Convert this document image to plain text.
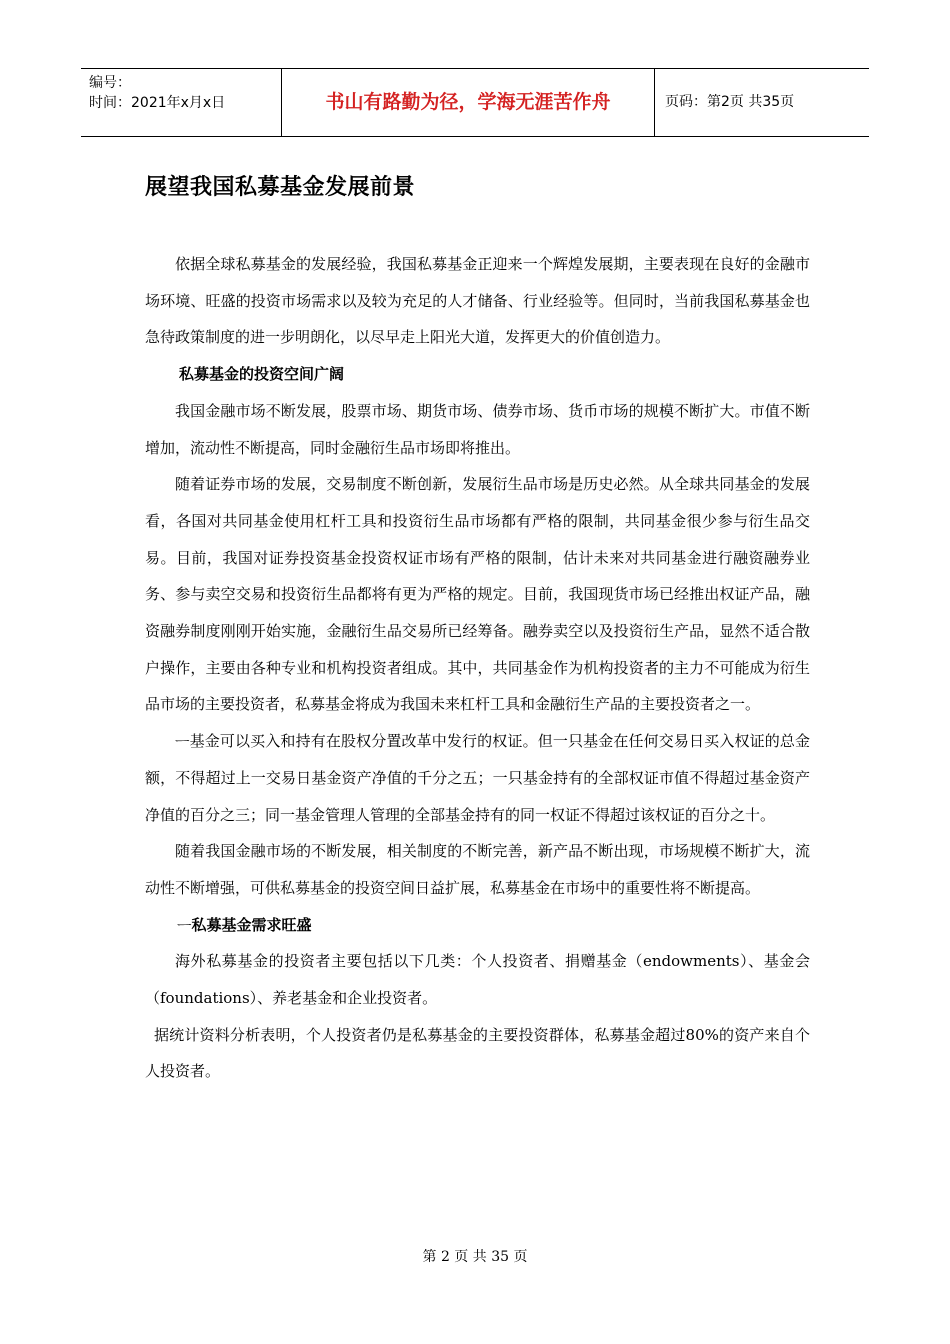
编号：
时间：2021年x月x日	书山有路勤为径，学海无涯苦作舟	页码：第2页 共35页
展望我国私募基金发展前景

依据全球私募基金的发展经验，我国私募基金正迎来一个辉煌发展期，主要表现在良好的金融市场环境、旺盛的投资市场需求以及较为充足的人才储备、行业经验等。但同时，当前我国私募基金也急待政策制度的进一步明朗化，以尽早走上阳光大道，发挥更大的价值创造力。

私募基金的投资空间广阔

我国金融市场不断发展，股票市场、期货市场、债券市场、货币市场的规模不断扩大。市值不断增加，流动性不断提高，同时金融衍生品市场即将推出。

随着证券市场的发展，交易制度不断创新，发展衍生品市场是历史必然。从全球共同基金的发展看，各国对共同基金使用杠杆工具和投资衍生品市场都有严格的限制，共同基金很少参与衍生品交易。目前，我国对证券投资基金投资权证市场有严格的限制，估计未来对共同基金进行融资融券业务、参与卖空交易和投资衍生品都将有更为严格的规定。目前，我国现货市场已经推出权证产品，融资融券制度刚刚开始实施，金融衍生品交易所已经筹备。融券卖空以及投资衍生产品，显然不适合散户操作，主要由各种专业和机构投资者组成。其中，共同基金作为机构投资者的主力不可能成为衍生品市场的主要投资者，私募基金将成为我国未来杠杆工具和金融衍生产品的主要投资者之一。

ᅳ基金可以买入和持有在股权分置改革中发行的权证。但一只基金在任何交易日买入权证的总金额，不得超过上一交易日基金资产净值的千分之五；一只基金持有的全部权证市值不得超过基金资产净值的百分之三；同一基金管理人管理的全部基金持有的同一权证不得超过该权证的百分之十。

随着我国金融市场的不断发展，相关制度的不断完善，新产品不断出现，市场规模不断扩大，流动性不断增强，可供私募基金的投资空间日益扩展，私募基金在市场中的重要性将不断提高。

ᅳ私募基金需求旺盛

海外私募基金的投资者主要包括以下几类：个人投资者、捐赠基金（endowments）、基金会（foundations）、养老基金和企业投资者。

据统计资料分析表明，个人投资者仍是私募基金的主要投资群体，私募基金超过80%的资产来自个人投资者。

第 2 页 共 35 页
